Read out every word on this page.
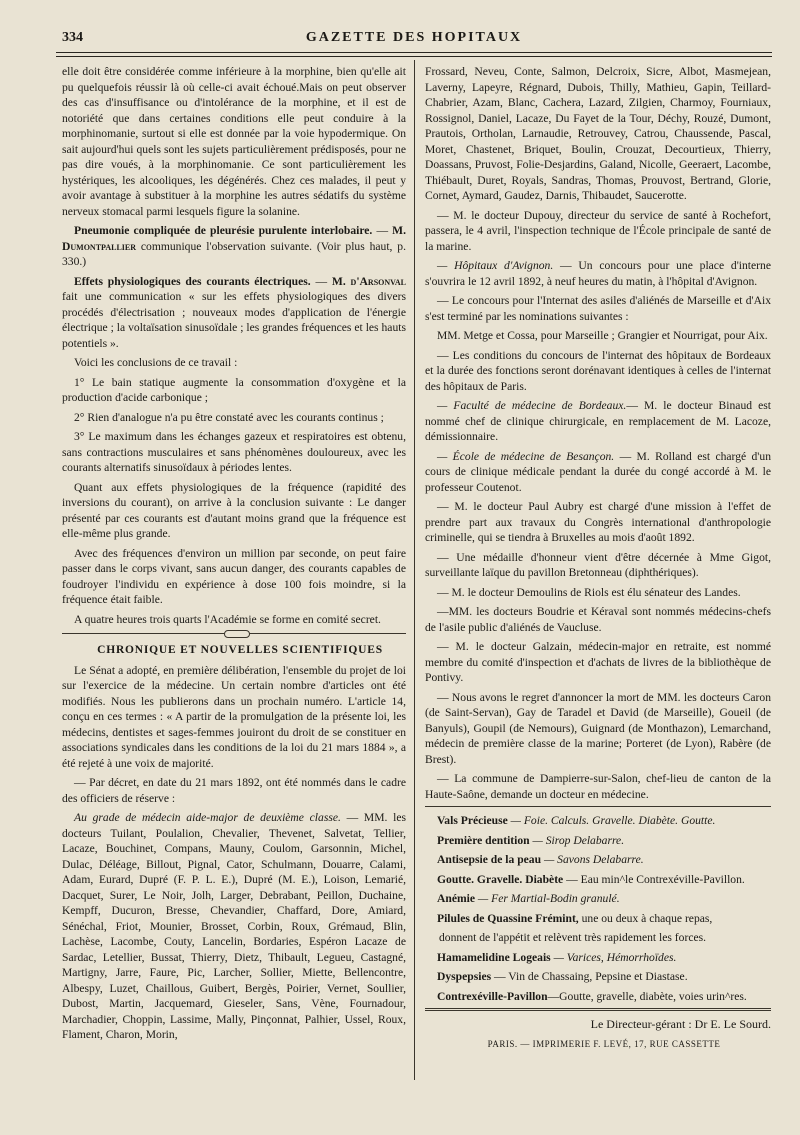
334	GAZETTE DES HOPITAUX

elle doit être considérée comme inférieure à la morphine, bien qu'elle ait pu quelquefois réussir là où celle-ci avait échoué.Mais on peut observer des cas d'insuffisance ou d'intolérance de la morphine, et il est de notoriété que dans certaines conditions elle peut conduire à la morphinomanie, surtout si elle est donnée par la voie hypodermique. On sait aujourd'hui quels sont les sujets particulièrement prédisposés, pour ne pas dire voués, à la morphinomanie. Ce sont particulièrement les hystériques, les alcooliques, les dégénérés. Chez ces malades, il peut y avoir avantage à substituer à la morphine les autres sédatifs du système nerveux stomacal parmi lesquels figure la solanine.

Pneumonie compliquée de pleurésie purulente interlobaire. — M. Dumontpallier communique l'observation suivante. (Voir plus haut, p. 330.)

Effets physiologiques des courants électriques. — M. d'Arsonval fait une communication « sur les effets physiologiques des divers procédés d'électrisation ; nouveaux modes d'application de l'énergie électrique ; la voltaïsation sinusoïdale ; les grandes fréquences et les hauts potentiels ».

Voici les conclusions de ce travail :

1° Le bain statique augmente la consommation d'oxygène et la production d'acide carbonique ;

2° Rien d'analogue n'a pu être constaté avec les courants continus ;

3° Le maximum dans les échanges gazeux et respiratoires est obtenu, sans contractions musculaires et sans phénomènes douloureux, avec les courants alternatifs sinusoïdaux à périodes lentes.

Quant aux effets physiologiques de la fréquence (rapidité des inversions du courant), on arrive à la conclusion suivante : Le danger présenté par ces courants est d'autant moins grand que la fréquence est elle-même plus grande.

Avec des fréquences d'environ un million par seconde, on peut faire passer dans le corps vivant, sans aucun danger, des courants capables de foudroyer l'individu en expérience à dose 100 fois moindre, si la fréquence était faible.

A quatre heures trois quarts l'Académie se forme en comité secret.

CHRONIQUE ET NOUVELLES SCIENTIFIQUES

Le Sénat a adopté, en première délibération, l'ensemble du projet de loi sur l'exercice de la médecine. Un certain nombre d'articles ont été modifiés. Nous les publierons dans un prochain numéro. L'article 14, conçu en ces termes : « A partir de la promulgation de la présente loi, les médecins, dentistes et sages-femmes jouiront du droit de se constituer en associations syndicales dans les conditions de la loi du 21 mars 1884 », a été rejeté à une voix de majorité.

— Par décret, en date du 21 mars 1892, ont été nommés dans le cadre des officiers de réserve :

Au grade de médecin aide-major de deuxième classe. — MM. les docteurs Tuilant, Poulalion, Chevalier, Thevenet, Salvetat, Tellier, Lacaze, Bouchinet, Compans, Mauny, Coulom, Garsonnin, Michel, Dulac, Déléage, Billout, Pignal, Cator, Schulmann, Douarre, Calami, Adam, Eurard, Dupré (F. P. L. E.), Dupré (M. E.), Loison, Lemarié, Dacquet, Surer, Le Noir, Jolh, Larger, Debrabant, Peillon, Duchaine, Kempff, Ducuron, Bresse, Chevandier, Chaffard, Dore, Amiard, Sénéchal, Friot, Mounier, Brosset, Corbin, Roux, Grémaud, Blin, Lachèse, Lacombe, Couty, Lancelin, Bordaries, Espéron Lacaze de Sardac, Letellier, Bussat, Thierry, Dietz, Thibault, Legueu, Castagné, Martigny, Jarre, Faure, Pic, Larcher, Sollier, Miette, Bellencontre, Albespy, Luzet, Chaillous, Guibert, Bergès, Poirier, Vernet, Soullier, Dubost, Martin, Jacquemard, Gieseler, Sans, Vène, Fournadour, Marchadier, Choppin, Lassime, Mally, Pinçonnat, Palhier, Ussel, Roux, Flament, Charon, Morin,

Frossard, Neveu, Conte, Salmon, Delcroix, Sicre, Albot, Masmejean, Laverny, Lapeyre, Régnard, Dubois, Thilly, Mathieu, Gapin, Teillard-Chabrier, Azam, Blanc, Cachera, Lazard, Zilgien, Charmoy, Fourniaux, Rossignol, Daniel, Lacaze, Du Fayet de la Tour, Déchy, Rouzé, Dumont, Prautois, Ortholan, Larnaudie, Retrouvey, Catrou, Chaussende, Pascal, Moret, Chastenet, Briquet, Boulin, Crouzat, Decourtieux, Thierry, Doassans, Pruvost, Folie-Desjardins, Galand, Nicolle, Geeraert, Lacombe, Thiébault, Duret, Royals, Sandras, Thomas, Prouvost, Bertrand, Glorie, Cornet, Aymard, Gaudez, Darnis, Thibaudet, Saucerotte.

— M. le docteur Dupouy, directeur du service de santé à Rochefort, passera, le 4 avril, l'inspection technique de l'École principale de santé de la marine.

— Hôpitaux d'Avignon. — Un concours pour une place d'interne s'ouvrira le 12 avril 1892, à neuf heures du matin, à l'hôpital d'Avignon.

— Le concours pour l'Internat des asiles d'aliénés de Marseille et d'Aix s'est terminé par les nominations suivantes :

MM. Metge et Cossa, pour Marseille ; Grangier et Nourrigat, pour Aix.

— Les conditions du concours de l'internat des hôpitaux de Bordeaux et la durée des fonctions seront dorénavant identiques à celles de l'internat des hôpitaux de Paris.

— Faculté de médecine de Bordeaux.— M. le docteur Binaud est nommé chef de clinique chirurgicale, en remplacement de M. Lacoze, démissionnaire.

— École de médecine de Besançon. — M. Rolland est chargé d'un cours de clinique médicale pendant la durée du congé accordé à M. le professeur Coutenot.

— M. le docteur Paul Aubry est chargé d'une mission à l'effet de prendre part aux travaux du Congrès international d'anthropologie criminelle, qui se tiendra à Bruxelles au mois d'août 1892.

— Une médaille d'honneur vient d'être décernée à Mme Gigot, surveillante laïque du pavillon Bretonneau (diphthériques).

— M. le docteur Demoulins de Riols est élu sénateur des Landes.

—MM. les docteurs Boudrie et Kéraval sont nommés médecins-chefs de l'asile public d'aliénés de Vaucluse.

— M. le docteur Galzain, médecin-major en retraite, est nommé membre du comité d'inspection et d'achats de livres de la bibliothèque de Pontivy.

— Nous avons le regret d'annoncer la mort de MM. les docteurs Caron (de Saint-Servan), Gay de Taradel et David (de Marseille), Goueil (de Banyuls), Goupil (de Nemours), Guignard (de Monthazon), Lemarchand, médecin de première classe de la marine; Porteret (de Lyon), Rabère (de Brest).

— La commune de Dampierre-sur-Salon, chef-lieu de canton de la Haute-Saône, demande un docteur en médecine.

Vals Précieuse — Foie. Calculs. Gravelle. Diabète. Goutte.

Première dentition — Sirop Delabarre.

Antisepsie de la peau — Savons Delabarre.

Goutte. Gravelle. Diabète — Eau min^le Contrexéville-Pavillon.

Anémie — Fer Martial-Bodin granulé.

Pilules de Quassine Frémint, une ou deux à chaque repas,

donnent de l'appétit et relèvent très rapidement les forces.

Hamamelidine Logeais — Varices, Hémorrhoïdes.

Dyspepsies — Vin de Chassaing, Pepsine et Diastase.

Contrexéville-Pavillon—Goutte, gravelle, diabète, voies urin^res.

Le Directeur-gérant : Dr E. Le Sourd.

PARIS. — IMPRIMERIE F. LEVÉ, 17, RUE CASSETTE
